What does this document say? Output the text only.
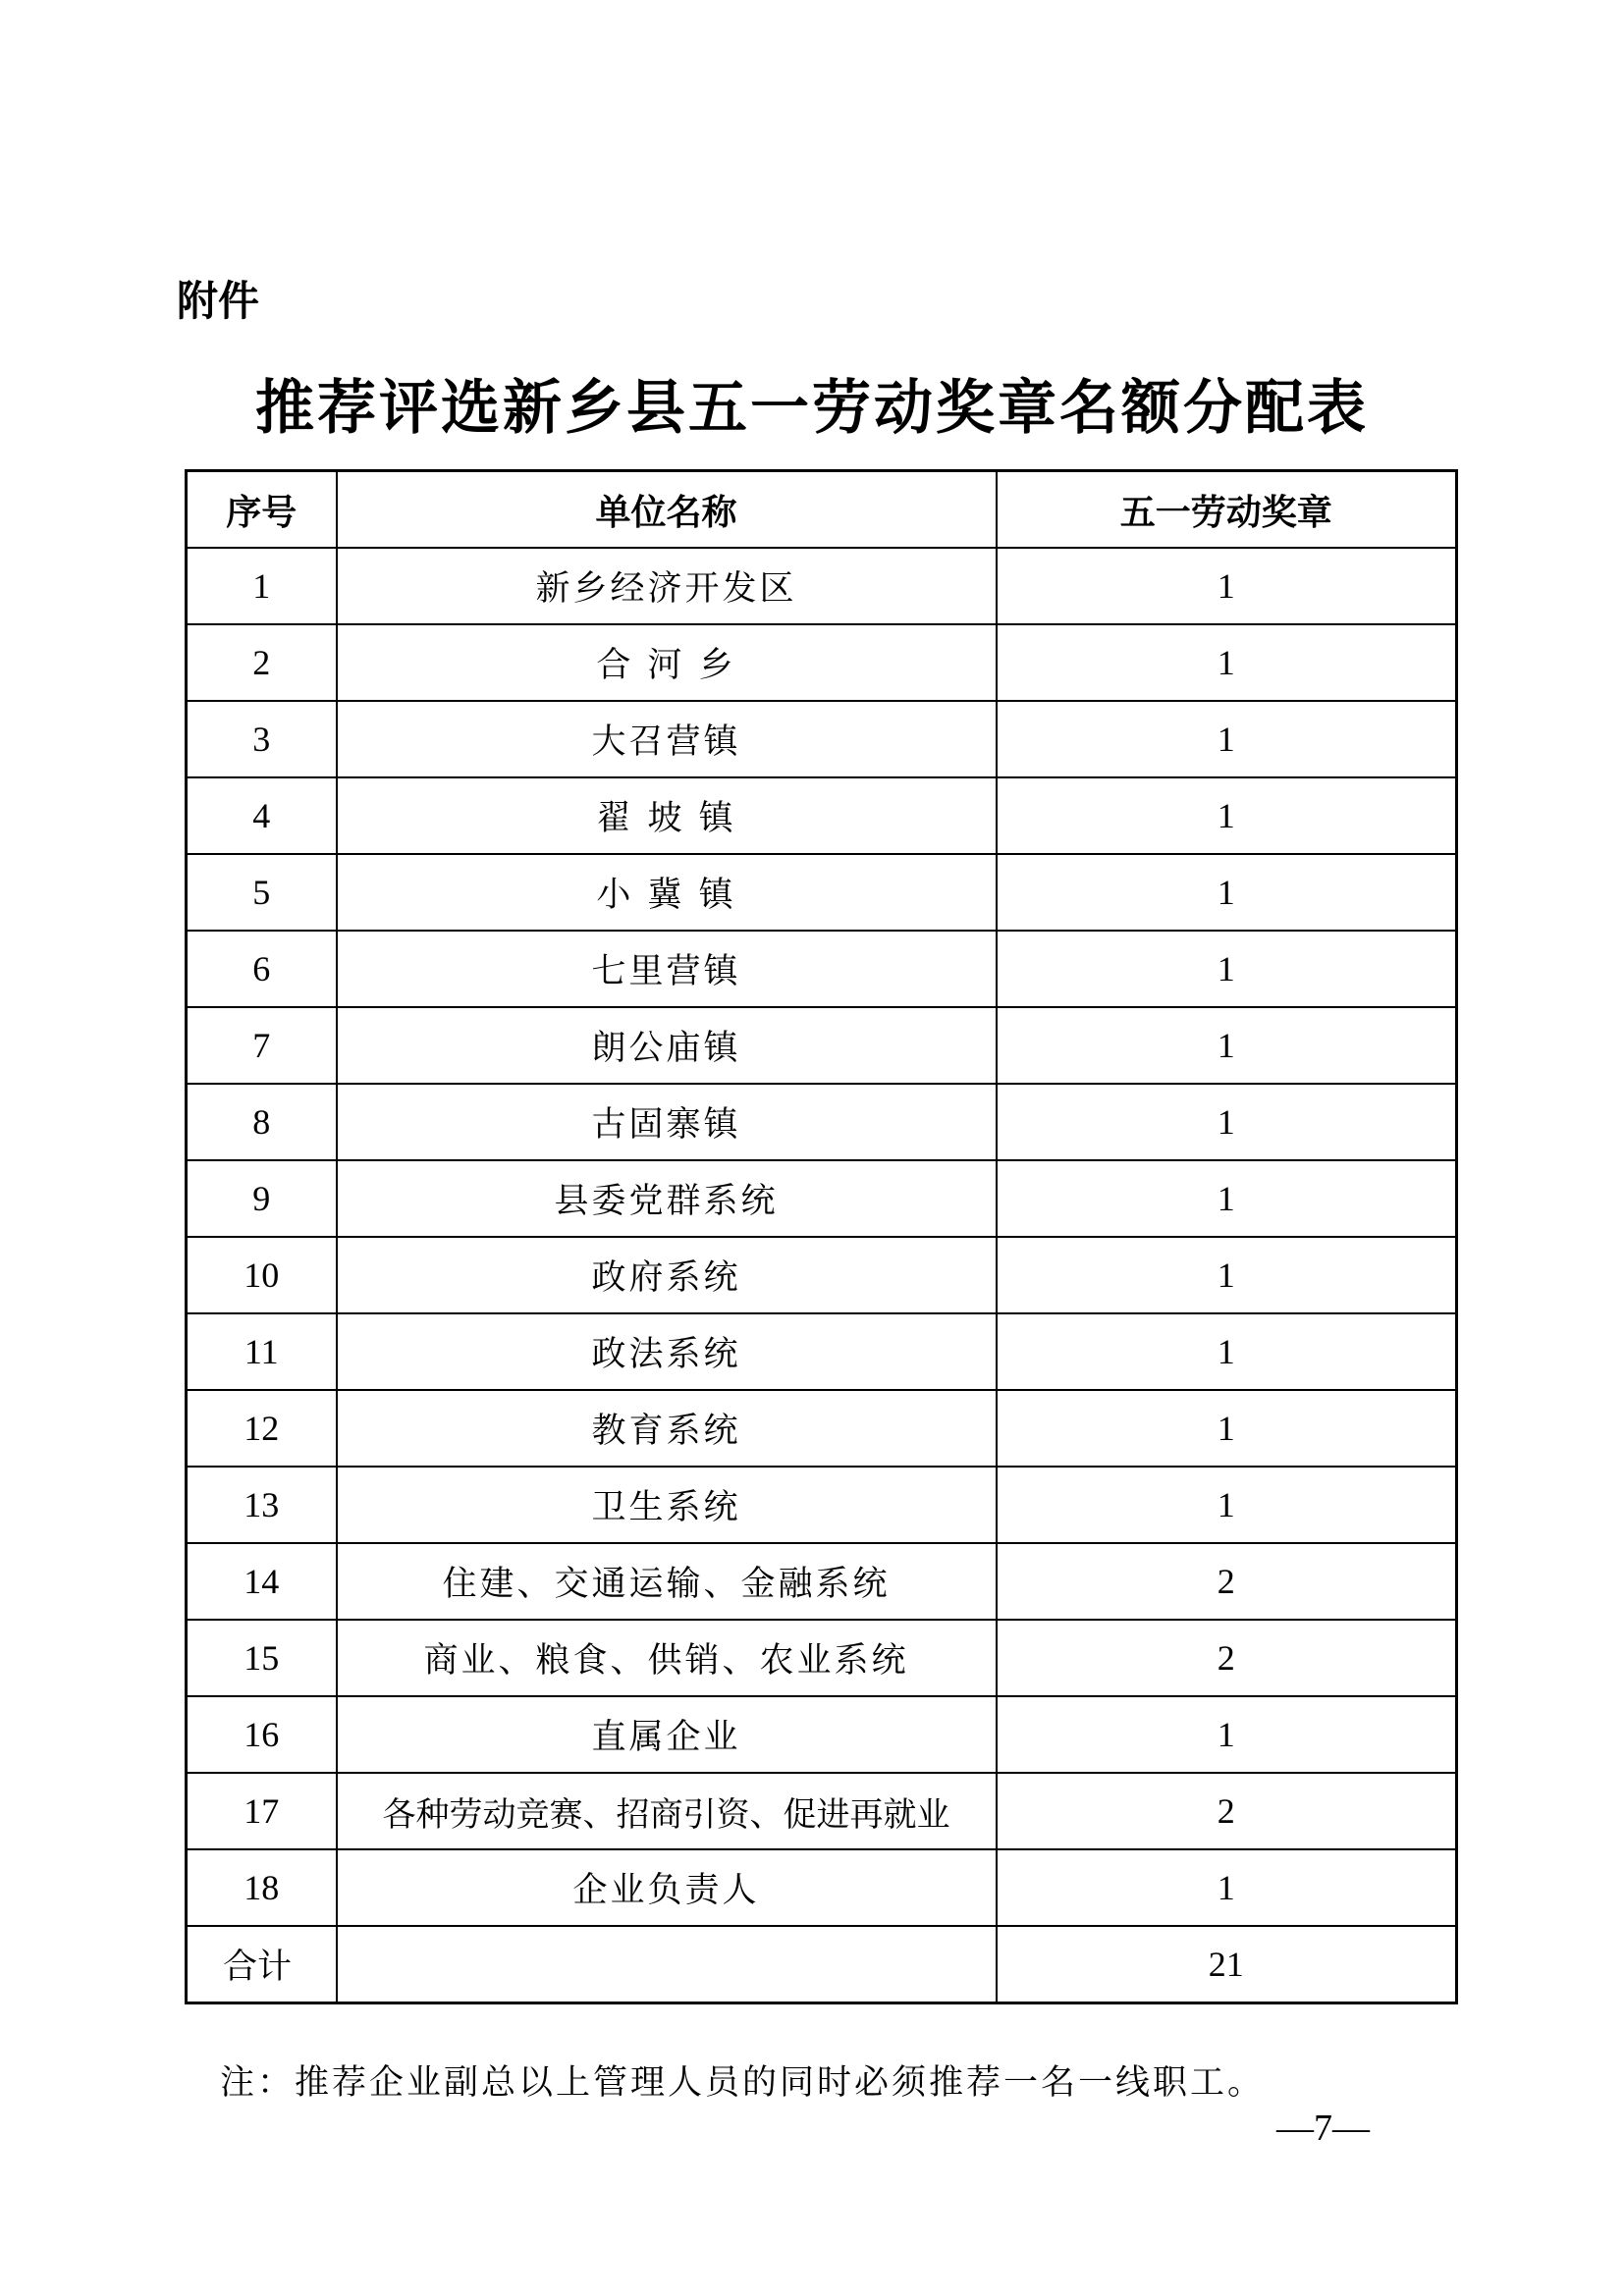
附件
推荐评选新乡县五一劳动奖章名额分配表
序号	单位名称	五一劳动奖章
1	新乡经济开发区	1
2	合 河 乡	1
3	大召营镇	1
4	翟 坡 镇	1
5	小 冀 镇	1
6	七里营镇	1
7	朗公庙镇	1
8	古固寨镇	1
9	县委党群系统	1
10	政府系统	1
11	政法系统	1
12	教育系统	1
13	卫生系统	1
14	住建、交通运输、金融系统	2
15	商业、粮食、供销、农业系统	2
16	直属企业	1
17	各种劳动竞赛、招商引资、促进再就业	2
18	企业负责人	1
合计		21
注：推荐企业副总以上管理人员的同时必须推荐一名一线职工。
—7—
